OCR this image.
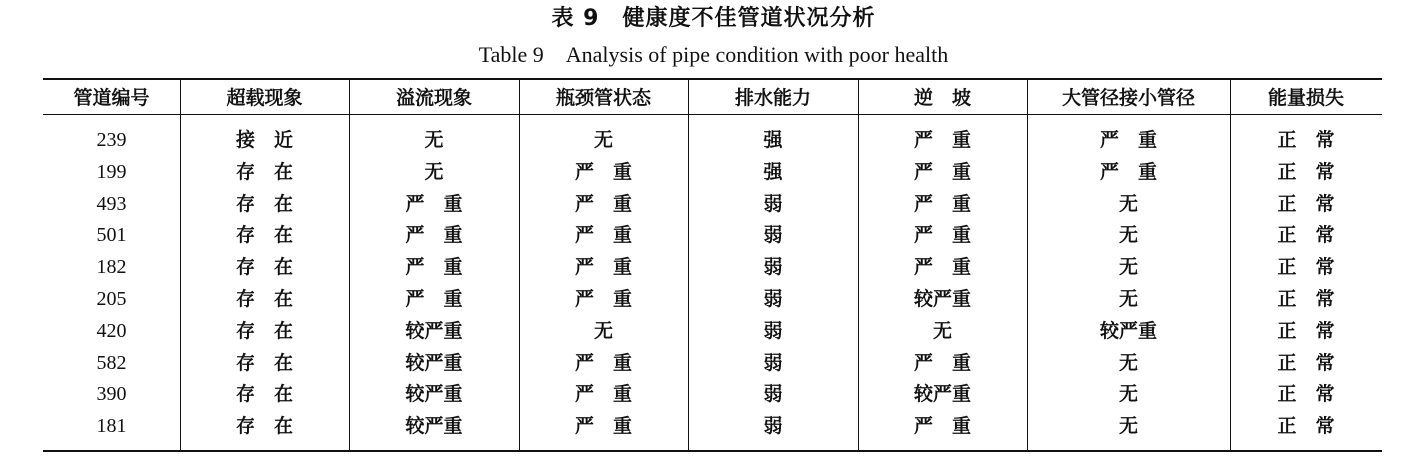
表 9　健康度不佳管道状况分析
Table 9　Analysis of pipe condition with poor health
管道编号	超载现象	溢流现象	瓶颈管状态	排水能力	逆　坡	大管径接小管径	能量损失
239	接　近	无	无	强	严　重	严　重	正　常
199	存　在	无	严　重	强	严　重	严　重	正　常
493	存　在	严　重	严　重	弱	严　重	无	正　常
501	存　在	严　重	严　重	弱	严　重	无	正　常
182	存　在	严　重	严　重	弱	严　重	无	正　常
205	存　在	严　重	严　重	弱	较严重	无	正　常
420	存　在	较严重	无	弱	无	较严重	正　常
582	存　在	较严重	严　重	弱	严　重	无	正　常
390	存　在	较严重	严　重	弱	较严重	无	正　常
181	存　在	较严重	严　重	弱	严　重	无	正　常
